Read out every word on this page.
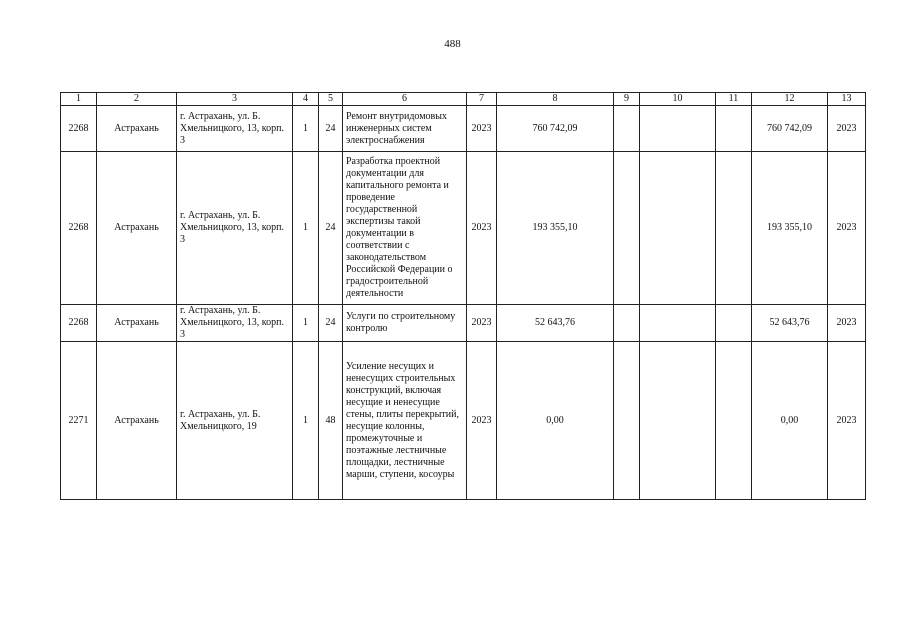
488
1	2	3	4	5	6	7	8	9	10	11	12	13
2268	Астрахань	г. Астрахань, ул. Б. Хмельницкого, 13, корп. 3	1	24	Ремонт внутридомовых инженерных систем электроснабжения	2023	760 742,09				760 742,09	2023
2268	Астрахань	г. Астрахань, ул. Б. Хмельницкого, 13, корп. 3	1	24	Разработка проектной документации для капитального ремонта и проведение государственной экспертизы такой документации в соответствии с законодательством Российской Федерации о градостроительной деятельности	2023	193 355,10				193 355,10	2023
2268	Астрахань	г. Астрахань, ул. Б. Хмельницкого, 13, корп. 3	1	24	Услуги по строительному контролю	2023	52 643,76				52 643,76	2023
2271	Астрахань	г. Астрахань, ул. Б. Хмельницкого, 19	1	48	Усиление несущих и ненесущих строительных конструкций, включая несущие и ненесущие стены, плиты перекрытий, несущие колонны, промежуточные и поэтажные лестничные площадки, лестничные марши, ступени, косоуры	2023	0,00				0,00	2023
